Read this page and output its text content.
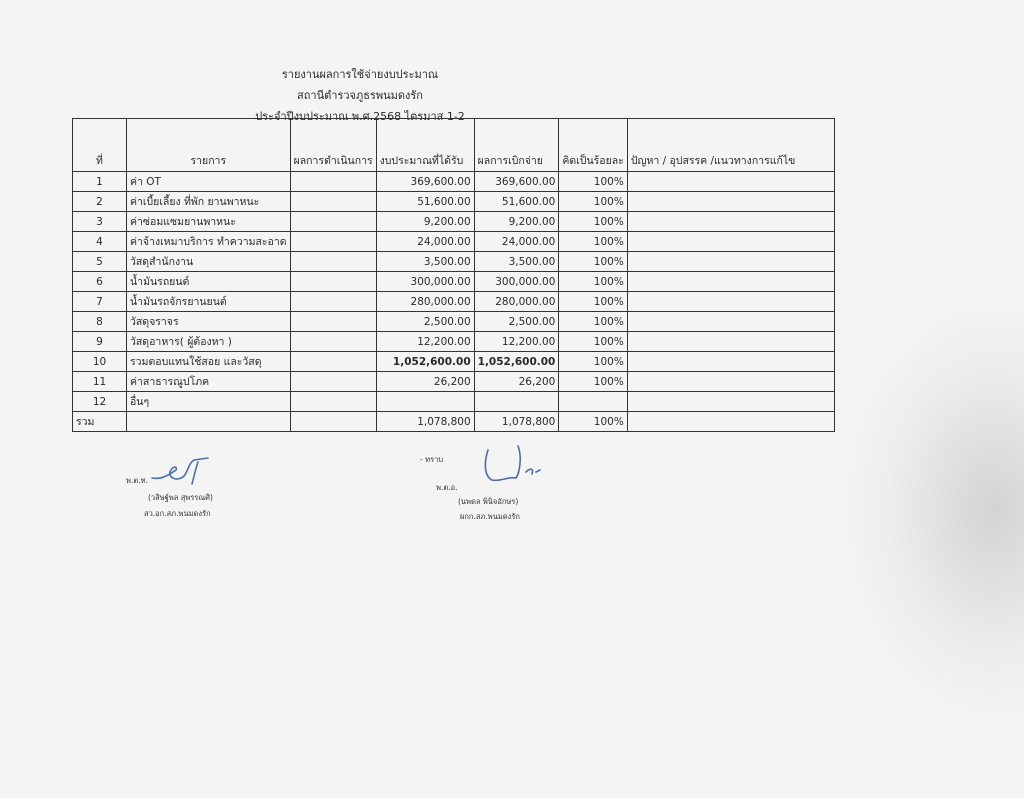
รายงานผลการใช้จ่ายงบประมาณ
สถานีตำรวจภูธรพนมดงรัก
ประจำปีงบประมาณ พ.ศ.2568 ไตรมาส 1-2
ที่	รายการ	ผลการดำเนินการ	งบประมาณที่ได้รับ	ผลการเบิกจ่าย	คิดเป็นร้อยละ	ปัญหา / อุปสรรค /แนวทางการแก้ไข
1	ค่า OT		369,600.00	369,600.00	100%	
2	ค่าเบี้ยเลี้ยง ที่พัก ยานพาหนะ		51,600.00	51,600.00	100%	
3	ค่าซ่อมแซมยานพาหนะ		9,200.00	9,200.00	100%	
4	ค่าจ้างเหมาบริการ ทำความสะอาด		24,000.00	24,000.00	100%	
5	วัสดุสำนักงาน		3,500.00	3,500.00	100%	
6	น้ำมันรถยนต์		300,000.00	300,000.00	100%	
7	น้ำมันรถจักรยานยนต์		280,000.00	280,000.00	100%	
8	วัสดุจราจร		2,500.00	2,500.00	100%	
9	วัสดุอาหาร( ผู้ต้องหา )		12,200.00	12,200.00	100%	
10	รวมตอบแทนใช้สอย และวัสดุ		1,052,600.00	1,052,600.00	100%	
11	ค่าสาธารณูปโภค		26,200	26,200	100%	
12	อื่นๆ					
รวม			1,078,800	1,078,800	100%	
พ.ต.ท.
(วสิษฐ์พล สุพรรณศิ)
สว.อก.สภ.พนมดงรัก
- ทราบ
พ.ต.อ.
(นพดล พินิจอักษร)
ผกก.สภ.พนมดงรัก
